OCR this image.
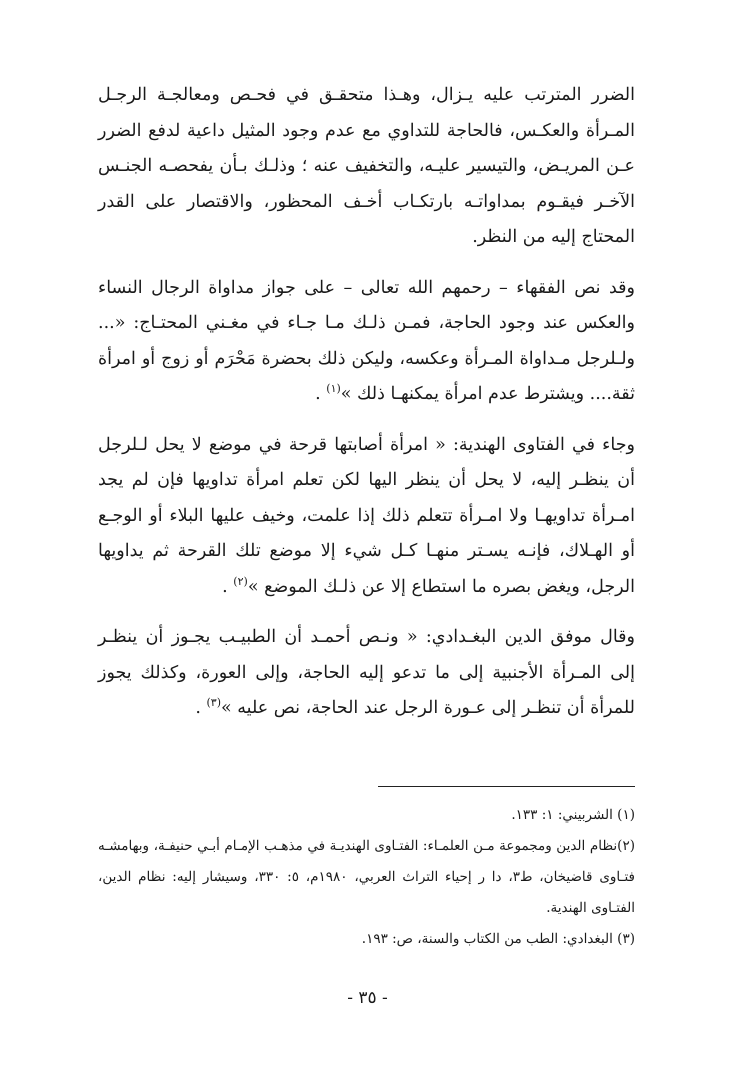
الضرر المترتب عليه يـزال، وهـذا متحقـق في فحـص ومعالجـة الرجـل المـرأة والعكـس، فالحاجة للتداوي مع عدم وجود المثيل داعية لدفع الضرر عـن المريـض، والتيسير عليـه، والتخفيف عنه ؛ وذلـك بـأن يفحصـه الجنـس الآخـر فيقـوم بمداواتـه بارتكـاب أخـف المحظور، والاقتصار على القدر المحتاج إليه من النظر.

وقد نص الفقهاء – رحمهم الله تعالى – على جواز مداواة الرجال النساء والعكس عند وجود الحاجة، فمـن ذلـك مـا جـاء في مغـني المحتـاج: «... ولـلرجل مـداواة المـرأة وعكسه، وليكن ذلك بحضرة مَحْرَم أو زوج أو امرأة ثقة.... ويشترط عدم امرأة يمكنهـا ذلك »$^{(١)}$ .

وجاء في الفتاوى الهندية: « امرأة أصابتها قرحة في موضع لا يحل لـلرجل أن ينظـر إليه، لا يحل أن ينظر اليها لكن تعلم امرأة تداويها فإن لم يجد امـرأة تداويهـا ولا امـرأة تتعلم ذلك إذا علمت، وخيف عليها البلاء أو الوجـع أو الهـلاك، فإنـه يسـتر منهـا كـل شيء إلا موضع تلك القرحة ثم يداويها الرجل، ويغض بصره ما استطاع إلا عن ذلـك الموضع »$^{(٢)}$ .

وقال موفق الدين البغـدادي: « ونـص أحمـد أن الطبيـب يجـوز أن ينظـر إلى المـرأة الأجنبية إلى ما تدعو إليه الحاجة، وإلى العورة، وكذلك يجوز للمرأة أن تنظـر إلى عـورة الرجل عند الحاجة، نص عليه »$^{(٣)}$ .

(١) الشربيني: ١: ١٣٣.
(٢)نظام الدين ومجموعة مـن العلمـاء: الفتـاوى الهنديـة في مذهـب الإمـام أبـي حنيفـة، وبهامشـه فتـاوى قاضيخان، ط٣، دا ر إحياء التراث العربي، ١٩٨٠م، ٥: ٣٣٠، وسيشار إليه: نظام الدين، الفتـاوى الهندية.
(٣) البغدادي: الطب من الكتاب والسنة، ص: ١٩٣.
- ٣٥ -
